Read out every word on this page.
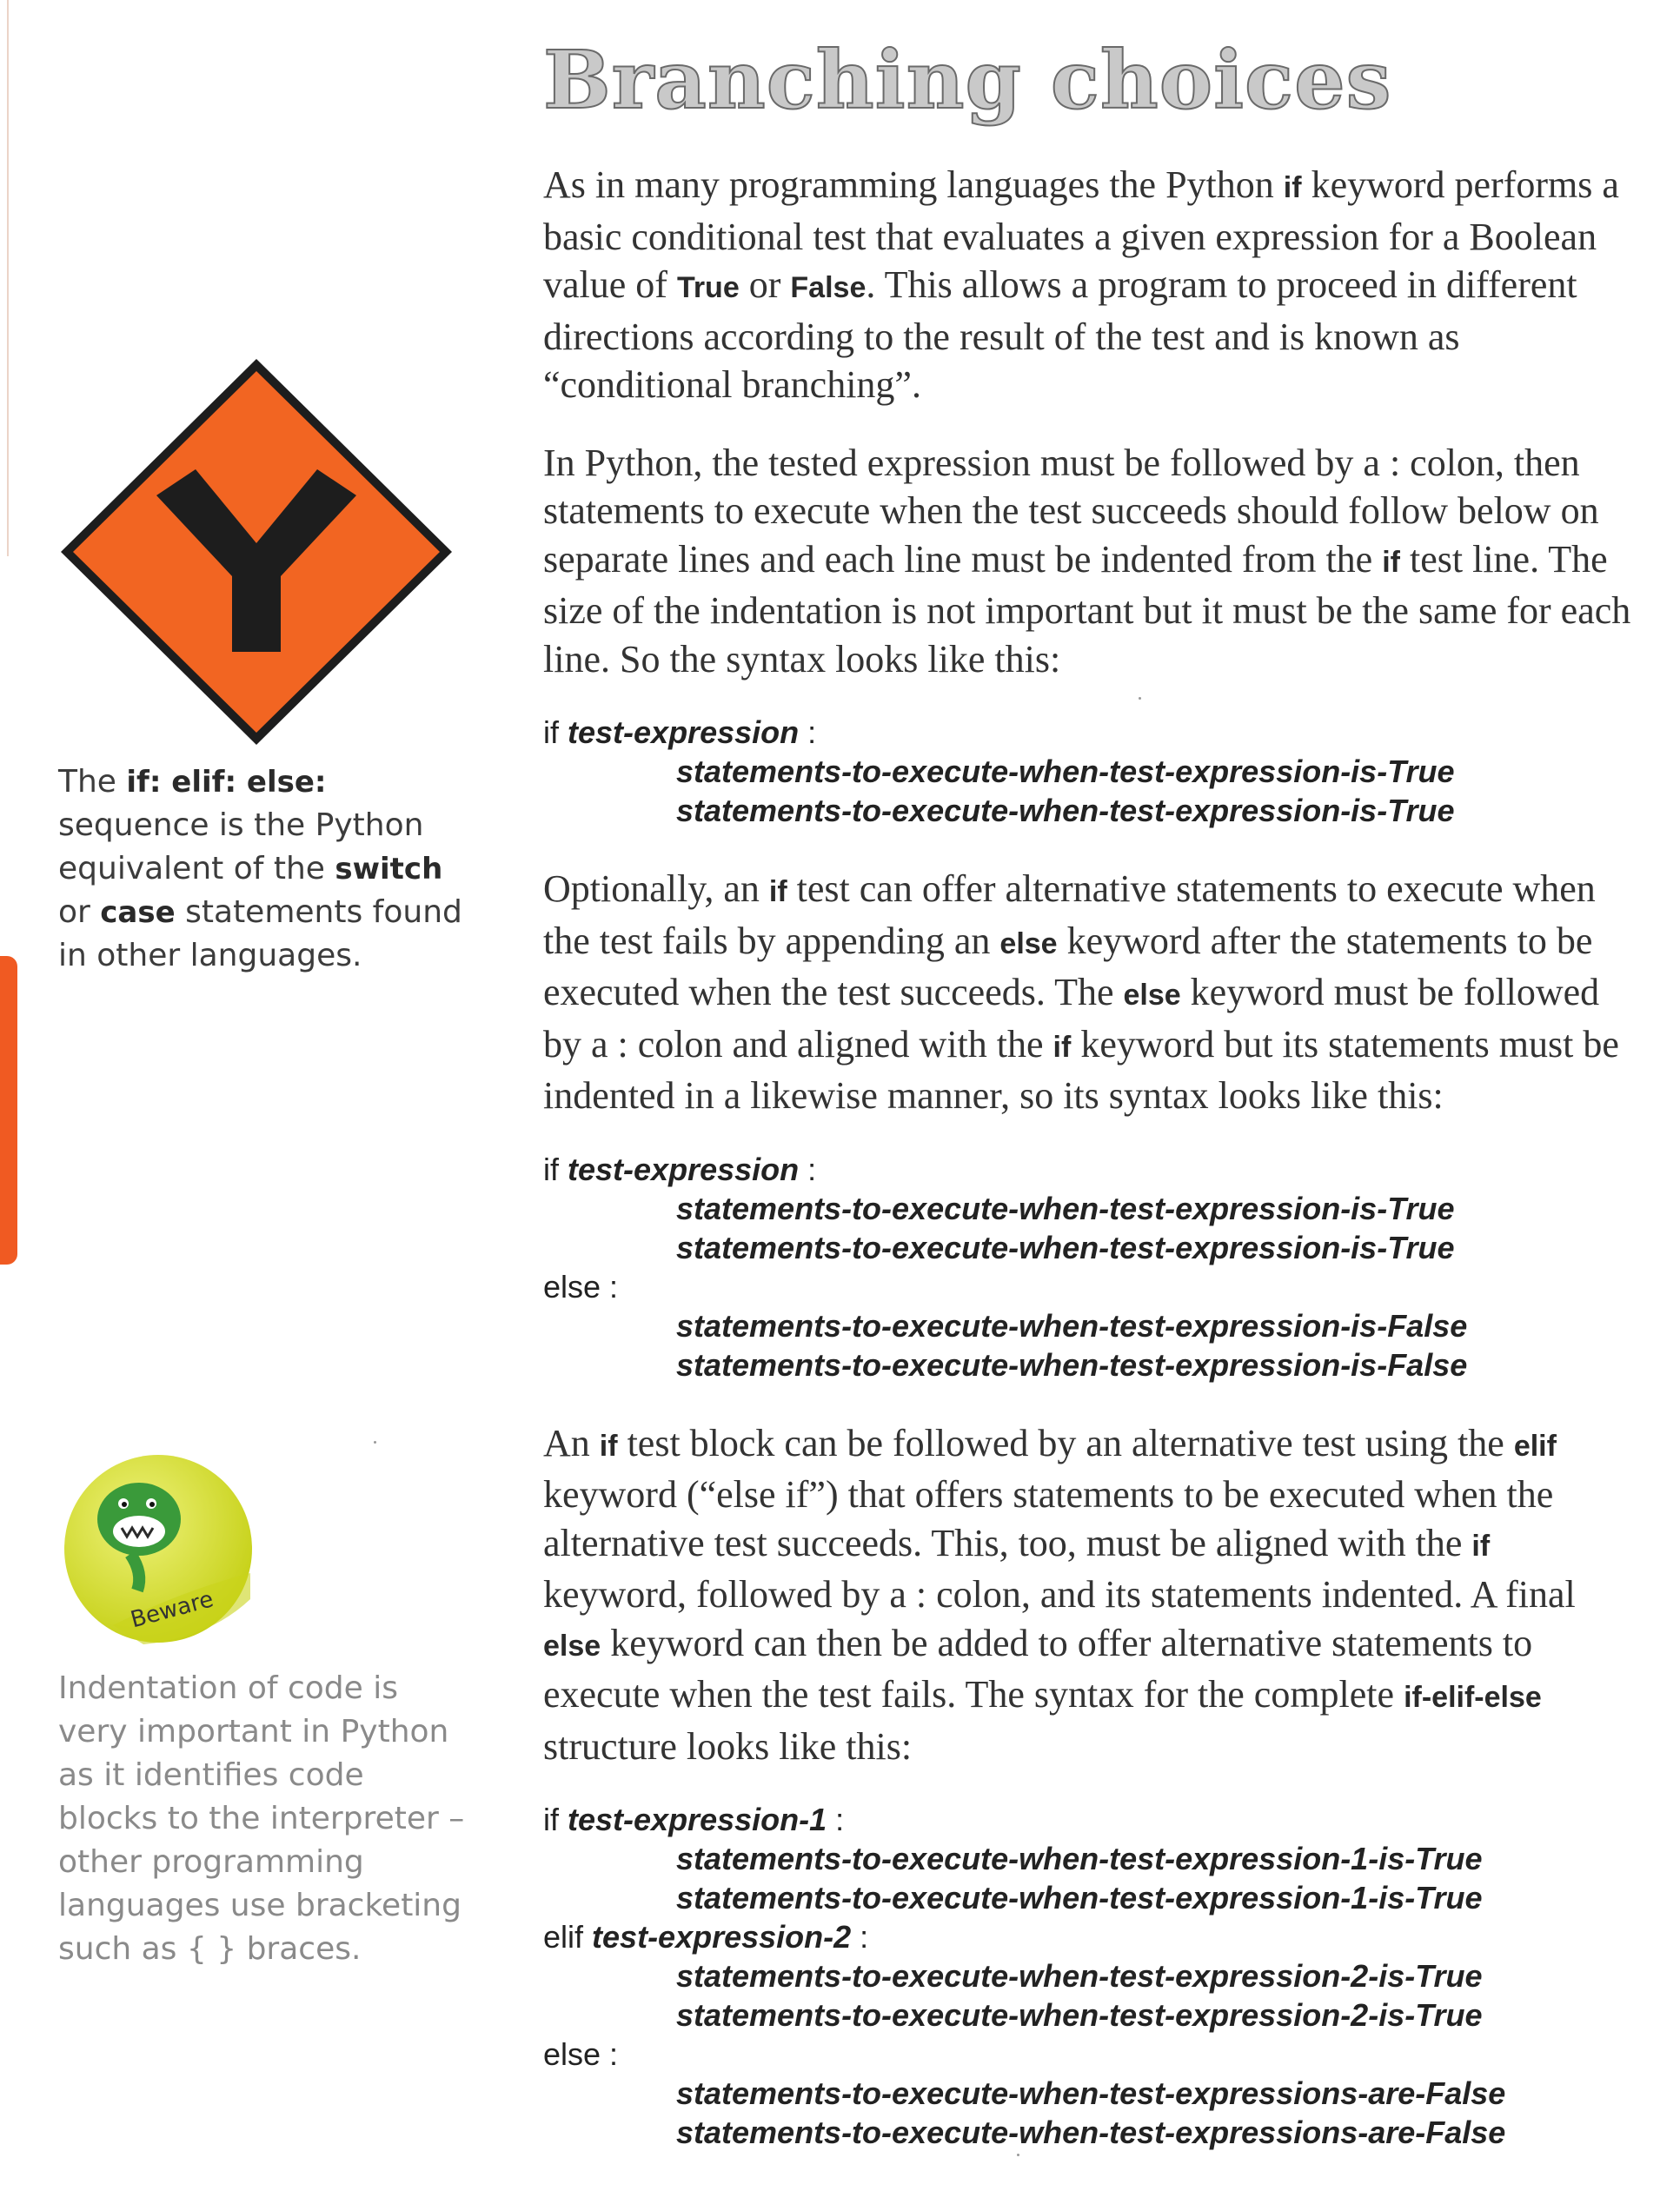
Branching choices
The if: elif: else: sequence is the Python equivalent of the switch or case statements found in other languages.
Beware
Indentation of code is very important in Python as it identifies code blocks to the interpreter – other programming languages use bracketing such as { } braces.

As in many programming languages the Python if keyword performs a basic conditional test that evaluates a given expression for a Boolean value of True or False. This allows a program to proceed in different directions according to the result of the test and is known as “conditional branching”.

In Python, the tested expression must be followed by a : colon, then statements to execute when the test succeeds should follow below on separate lines and each line must be indented from the if test line. The size of the indentation is not important but it must be the same for each line. So the syntax looks like this:

if test-expression :
statements-to-execute-when-test-expression-is-True
statements-to-execute-when-test-expression-is-True

Optionally, an if test can offer alternative statements to execute when the test fails by appending an else keyword after the statements to be executed when the test succeeds. The else keyword must be followed by a : colon and aligned with the if keyword but its statements must be indented in a likewise manner, so its syntax looks like this:

if test-expression :
statements-to-execute-when-test-expression-is-True
statements-to-execute-when-test-expression-is-True
else :
statements-to-execute-when-test-expression-is-False
statements-to-execute-when-test-expression-is-False

An if test block can be followed by an alternative test using the elif keyword (“else if”) that offers statements to be executed when the alternative test succeeds. This, too, must be aligned with the if keyword, followed by a : colon, and its statements indented. A final else keyword can then be added to offer alternative statements to execute when the test fails. The syntax for the complete if-elif-else structure looks like this:

if test-expression-1 :
statements-to-execute-when-test-expression-1-is-True
statements-to-execute-when-test-expression-1-is-True
elif test-expression-2 :
statements-to-execute-when-test-expression-2-is-True
statements-to-execute-when-test-expression-2-is-True
else :
statements-to-execute-when-test-expressions-are-False
statements-to-execute-when-test-expressions-are-False
